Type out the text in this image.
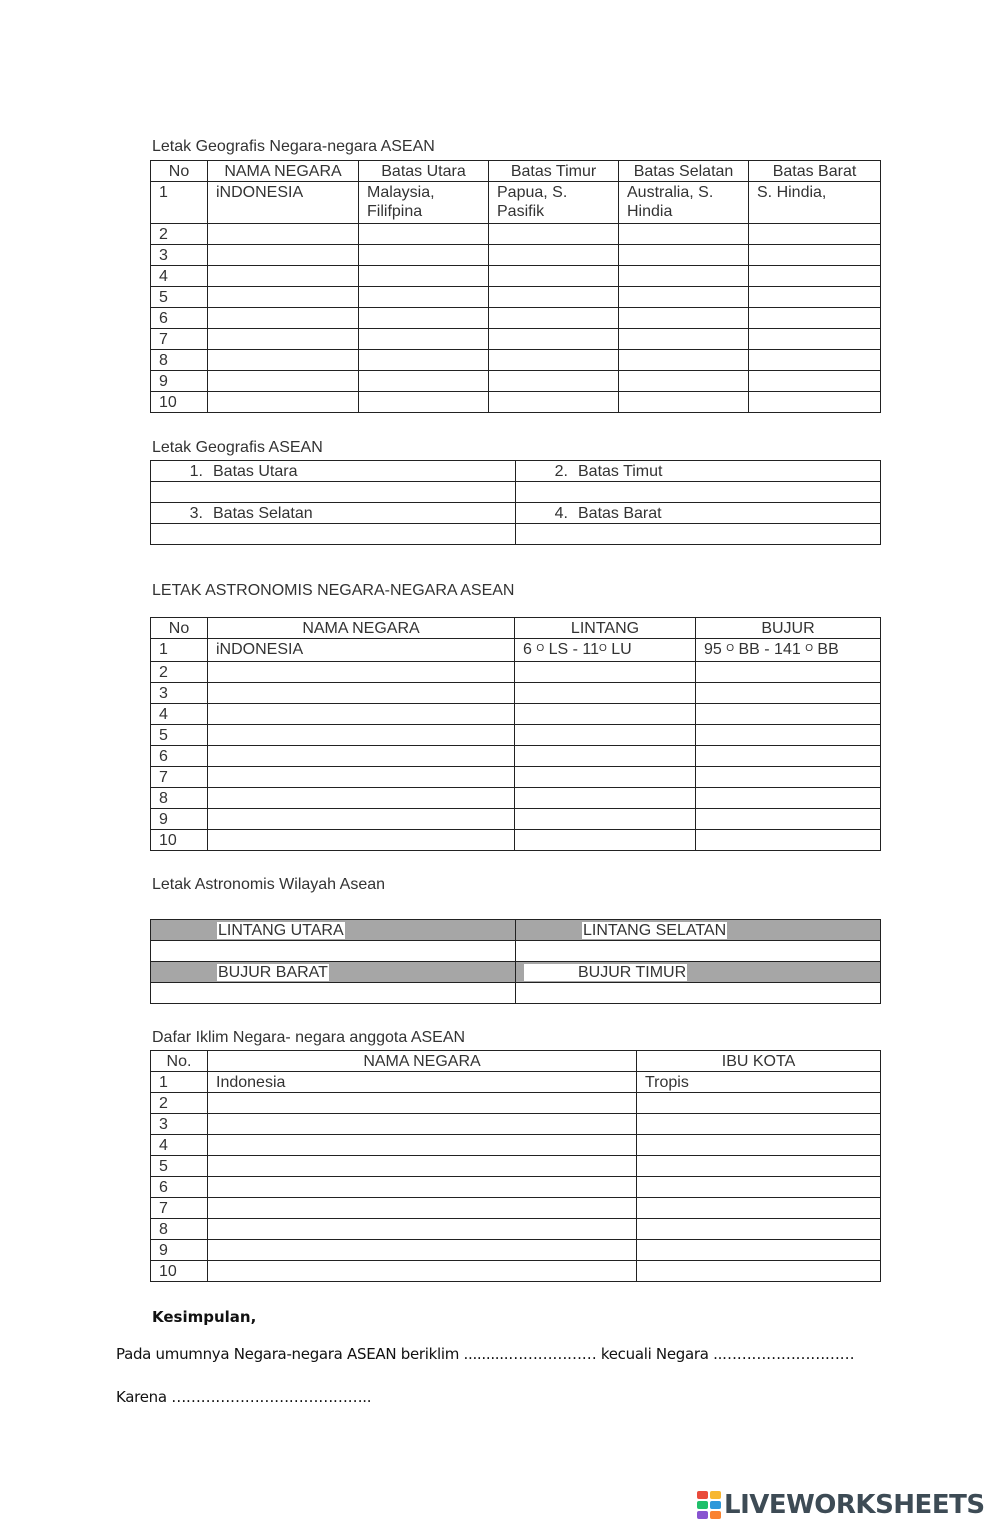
Letak Geografis Negara-negara ASEAN
No	NAMA NEGARA	Batas Utara	Batas Timur	Batas Selatan	Batas Barat
1	iNDONESIA	Malaysia, Filifpina	Papua, S. Pasifik	Australia, S. Hindia	S. Hindia,
2					
3					
4					
5					
6					
7					
8					
9					
10					
Letak Geografis ASEAN
1. Batas Utara	2. Batas Timut

3. Batas Selatan	4. Batas Barat

LETAK ASTRONOMIS NEGARA-NEGARA ASEAN
No	NAMA NEGARA	LINTANG	BUJUR
1	iNDONESIA	6 $^O$ LS - $11^O$ LU	95 $^O$ BB - 141 $^O$ BB
2			
3			
4			
5			
6			
7			
8			
9			
10			
Letak Astronomis Wilayah Asean
LINTANG UTARA	LINTANG SELATAN

BUJUR BARAT	BUJUR TIMUR

Dafar Iklim Negara- negara anggota ASEAN
No.	NAMA NEGARA	IBU KOTA
1	Indonesia	Tropis
2		
3		
4		
5		
6		
7		
8		
9		
10		
Kesimpulan,
Pada umumnya Negara-negara ASEAN beriklim ..........……………… kecuali Negara ..………………………
Karena …………………………………..
LIVEWORKSHEETS
